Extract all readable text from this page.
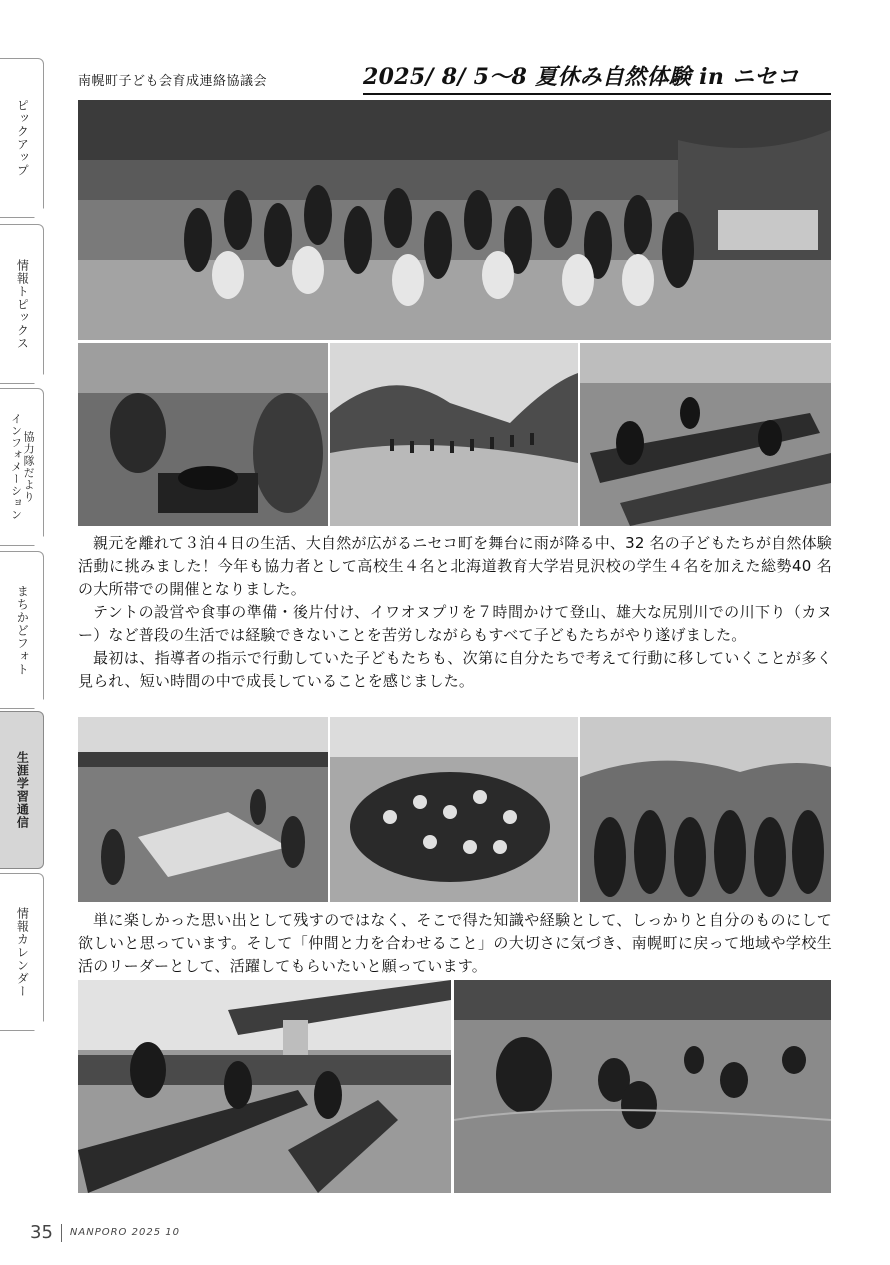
ピックアップ
情報トピックス
インフォメーション 協力隊だより
まちかどフォト
生涯学習通信
情報カレンダー
南幌町子ども会育成連絡協議会	2025/ 8/ 5～8 夏休み自然体験 in ニセコ

親元を離れて３泊４日の生活、大自然が広がるニセコ町を舞台に雨が降る中、32 名の子どもたちが自然体験活動に挑みました！今年も協力者として高校生４名と北海道教育大学岩見沢校の学生４名を加えた総勢40 名の大所帯での開催となりました。

テントの設営や食事の準備・後片付け、イワオヌプリを７時間かけて登山、雄大な尻別川での川下り（カヌー）など普段の生活では経験できないことを苦労しながらもすべて子どもたちがやり遂げました。

最初は、指導者の指示で行動していた子どもたちも、次第に自分たちで考えて行動に移していくことが多く見られ、短い時間の中で成長していることを感じました。

単に楽しかった思い出として残すのではなく、そこで得た知識や経験として、しっかりと自分のものにして欲しいと思っています。そして「仲間と力を合わせること」の大切さに気づき、南幌町に戻って地域や学校生活のリーダーとして、活躍してもらいたいと願っています。

35 NANPORO 2025 10
